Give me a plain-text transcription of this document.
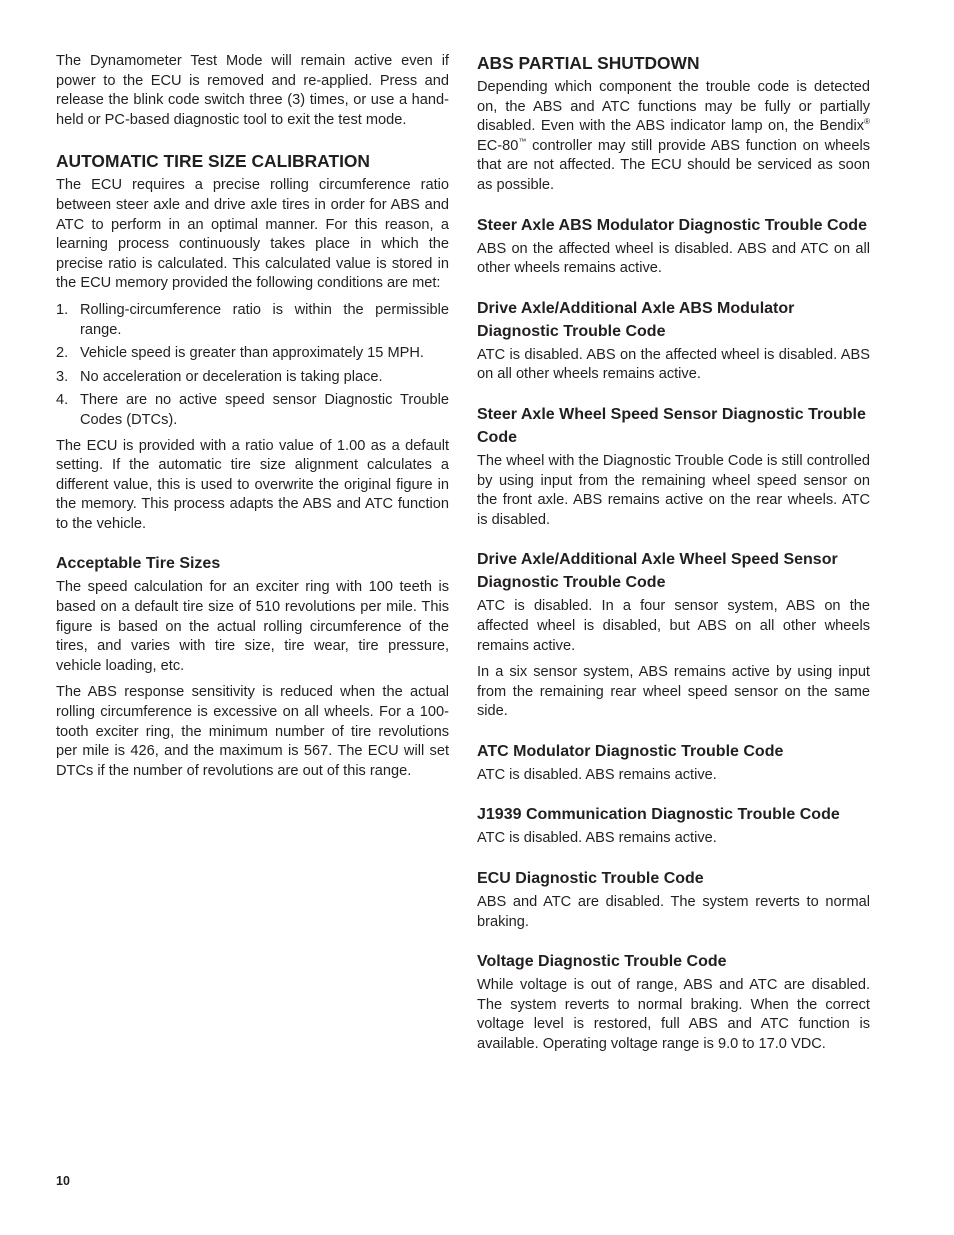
The Dynamometer Test Mode will remain active even if power to the ECU is removed and re-applied. Press and release the blink code switch three (3) times, or use a hand-held or PC-based diagnostic tool to exit the test mode.

AUTOMATIC TIRE SIZE CALIBRATION

The ECU requires a precise rolling circumference ratio between steer axle and drive axle tires in order for ABS and ATC to perform in an optimal manner. For this reason, a learning process continuously takes place in which the precise ratio is calculated. This calculated value is stored in the ECU memory provided the following conditions are met:

1. Rolling-circumference ratio is within the permissible range.
2. Vehicle speed is greater than approximately 15 MPH.
3. No acceleration or deceleration is taking place.
4. There are no active speed sensor Diagnostic Trouble Codes (DTCs).

The ECU is provided with a ratio value of 1.00 as a default setting. If the automatic tire size alignment calculates a different value, this is used to overwrite the original figure in the memory. This process adapts the ABS and ATC function to the vehicle.

Acceptable Tire Sizes

The speed calculation for an exciter ring with 100 teeth is based on a default tire size of 510 revolutions per mile. This figure is based on the actual rolling circumference of the tires, and varies with tire size, tire wear, tire pressure, vehicle loading, etc.

The ABS response sensitivity is reduced when the actual rolling circumference is excessive on all wheels. For a 100-tooth exciter ring, the minimum number of tire revolutions per mile is 426, and the maximum is 567. The ECU will set DTCs if the number of revolutions are out of this range.

ABS PARTIAL SHUTDOWN

Depending which component the trouble code is detected on, the ABS and ATC functions may be fully or partially disabled. Even with the ABS indicator lamp on, the Bendix® EC-80™ controller may still provide ABS function on wheels that are not affected. The ECU should be serviced as soon as possible.

Steer Axle ABS Modulator Diagnostic Trouble Code

ABS on the affected wheel is disabled. ABS and ATC on all other wheels remains active.

Drive Axle/Additional Axle ABS Modulator Diagnostic Trouble Code

ATC is disabled. ABS on the affected wheel is disabled. ABS on all other wheels remains active.

Steer Axle Wheel Speed Sensor Diagnostic Trouble Code

The wheel with the Diagnostic Trouble Code is still controlled by using input from the remaining wheel speed sensor on the front axle. ABS remains active on the rear wheels. ATC is disabled.

Drive Axle/Additional Axle Wheel Speed Sensor Diagnostic Trouble Code

ATC is disabled. In a four sensor system, ABS on the affected wheel is disabled, but ABS on all other wheels remains active.

In a six sensor system, ABS remains active by using input from the remaining rear wheel speed sensor on the same side.

ATC Modulator Diagnostic Trouble Code

ATC is disabled. ABS remains active.

J1939 Communication Diagnostic Trouble Code

ATC is disabled. ABS remains active.

ECU Diagnostic Trouble Code

ABS and ATC are disabled. The system reverts to normal braking.

Voltage Diagnostic Trouble Code

While voltage is out of range, ABS and ATC are disabled. The system reverts to normal braking. When the correct voltage level is restored, full ABS and ATC function is available. Operating voltage range is 9.0 to 17.0 VDC.

10
